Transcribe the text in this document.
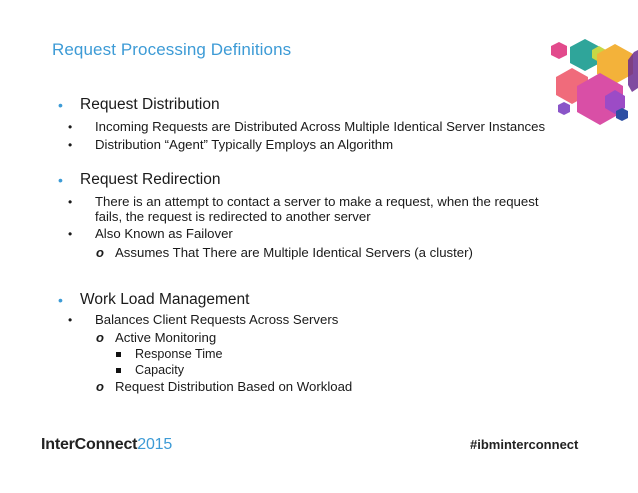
Request Processing Definitions
• Request Distribution
• Incoming Requests are Distributed Across Multiple Identical Server Instances
• Distribution “Agent” Typically Employs an Algorithm
• Request Redirection
• There is an attempt to contact a server to make a request, when the request fails, the request is redirected to another server
• Also Known as Failover
o Assumes That There are Multiple Identical Servers (a cluster)
• Work Load Management
• Balances Client Requests Across Servers
o Active Monitoring
Response Time
Capacity
o Request Distribution Based on Workload
InterConnect2015	#ibminterconnect
